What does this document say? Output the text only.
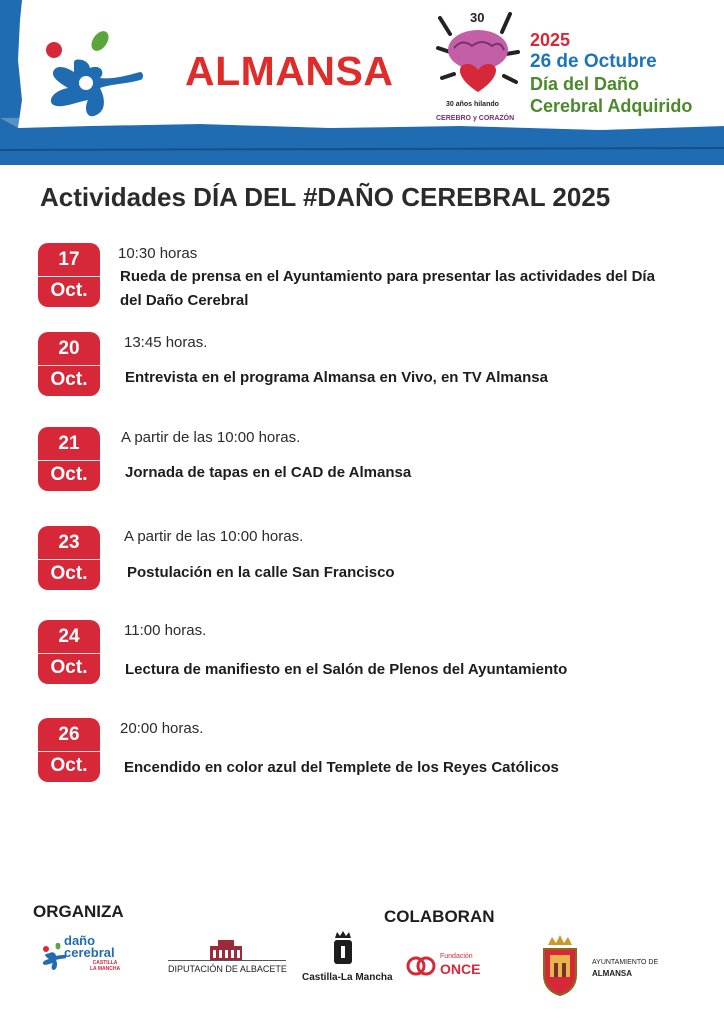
ALMANSA
30
30 años hilando
CEREBRO y CORAZÓN
2025
26 de Octubre
Día del Daño
Cerebral Adquirido
Actividades DÍA DEL #DAÑO CEREBRAL 2025
17
Oct.
10:30 horas
Rueda de prensa en el Ayuntamiento para presentar las actividades del Día del Daño Cerebral
20
Oct.
13:45 horas.
Entrevista en el programa Almansa en Vivo, en TV Almansa
21
Oct.
A partir de las 10:00 horas.
Jornada de tapas en el CAD de Almansa
23
Oct.
A partir de las 10:00 horas.
Postulación en la calle San Francisco
24
Oct.
11:00 horas.
Lectura de manifiesto en el Salón de Plenos del Ayuntamiento
26
Oct.
20:00 horas.
Encendido en color azul del Templete de los Reyes Católicos
ORGANIZA	COLABORAN
daño
cerebral
CASTILLA
LA MANCHA	DIPUTACIÓN DE ALBACETE
Castilla-La Mancha
Fundación
ONCE	AYUNTAMIENTO DE
ALMANSA
